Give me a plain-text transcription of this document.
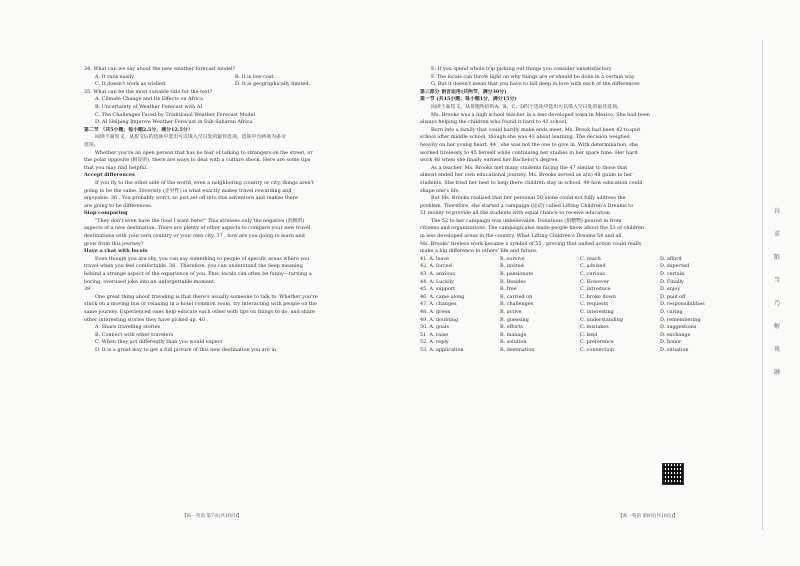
34. What can we say about the new weather forecast model?
A. It runs easily.	B. It is low-cost.
C. It doesn't work as wished.	D. It is geographically limited.
35. What can be the most suitable title for the text?
A. Climate Change and Its Effects on Africa
B. Uncertainty of Weather Forecast with AI
C. The Challenges Faced by Traditional Weather Forecast Model
D. AI Helping Improve Weather Forecast in Sub-Saharan Africa
第二节 （共5小题；每小题2.5分，满分12.5分）
阅读下面短文，从短文后的选项中选出可以填入空白处的最佳选项。选项中有两项为多余
选项。
Whether you're an open person that has no fear of talking to strangers on the street, or
the polar opposite (相反的), there are ways to deal with a culture shock. Here are some tips
that you may find helpful.
Accept differences
If you fly to the other side of the world, even a neighboring country or city, things aren't
going to be the same. Diversity (差异性) is what exactly makes travel rewarding and
enjoyable. 36 . You probably won't, so just set off into this adventure and realize there
are going to be differences.
Stop comparing
"They don't even have the food I want here!" This stresses only the negative (消极的)
aspects of a new destination. There are plenty of other aspects to compare your new travel
destinations with your own country or your own city. 37 , how are you going to learn and
grow from this journey?
Have a chat with locals
Even though you are shy, you can say something to people of specific areas where you
travel when you feel comfortable. 38 . Therefore, you can understand the deep meaning
behind a strange aspect of the experience of you. Plus, locals can often be funny—turning a
boring, overused joke into an unforgettable moment.
39
One great thing about traveling is that there's usually someone to talk to. Whether you're
stuck on a moving bus or relaxing in a hotel common room, try interacting with people on the
same journey. Experienced ones help educate each other with tips on things to do, and share
other interesting stories they have picked up. 40 .
A. Share travelling stories
B. Connect with other travelers
C. When they act differently than you would expect
D. It is a great way to get a full picture of this new destination you are in
【高一英语 第7页(共10页)】
E. If you spend whole trip picking out things you consider unsatisfactory
F. The locals can throw light on why things are or should be done in a certain way
G. But it doesn't mean that you have to fall deep in love with each of the differences
第三部分 语言运用(共两节，满分30分)
第一节 (共15小题；每小题1分，满分15分)
阅读下面短文，从每题所给的A、B、C、D四个选项中选出可以填入空白处的最佳选项。
Ms. Brooks was a high school teacher in a less developed town in Mexico. She had been
always helping the children who found it hard to 41 school.
Born into a family that could hardly make ends meet, Ms. Brook had been 42 to quit
school after middle school, though she was 43 about learning. The decision weighed
heavily on her young heart. 44 , she was not the one to give in. With determination, she
worked tirelessly to 45 herself while continuing her studies in her spare time. Her hard
work 46 when she finally earned her Bachelor's degree.
As a teacher, Ms. Brooks met many students facing the 47 similar to those that
almost ended her own educational journey. Ms. Brooks served as a(n) 48 guide to her
students. She tried her best to help there children stay in school. 49 how education could
shape one's life.
But Ms. Brooks realized that her personal 50 alone could not fully address the
problem. Therefore, she started a campaign (运动) called Lifting Children's Dreams to
51 money to provide all the students with equal chance to receive education.
The 52 to her campaign was unbelievable. Donations (捐赠物) poured in from
citizens and organizations. The campaign also made people know about the 53 of children
in less developed areas in the country. What Lifting Children's Dreams 54 and all
Ms. Brooks' tireless work became a symbol of 55 , proving that united action could really
make a big difference to others' life and future.
41. A. leave	B. survive	C. reach	D. afford
42. A. forced	B. invited	C. advised	D. expected
43. A. anxious	B. passionate	C. curious	D. certain
44. A. Luckily	B. Besides	C. However	D. Finally
45. A. support	B. free	C. introduce	D. enjoy
46. A. came along	B. carried on	C. broke down	D. paid off
47. A. changes	B. challenges	C. requests	D. responsibilities
48. A. green	B. active	C. interesting	D. caring
49. A. doubting	B. guessing	C. understanding	D. remembering
50. A. goals	B. efforts	C. mistakes	D. suggestions
51. A. raise	B. manage	C. lend	D. exchange
52. A. reply	B. solution	C. preference	D. honor
53. A. application	B. destination	C. connection	D. situation
【高一英语 第8页(共10页)】
谷
求
限
当
乃
解
谈
融
